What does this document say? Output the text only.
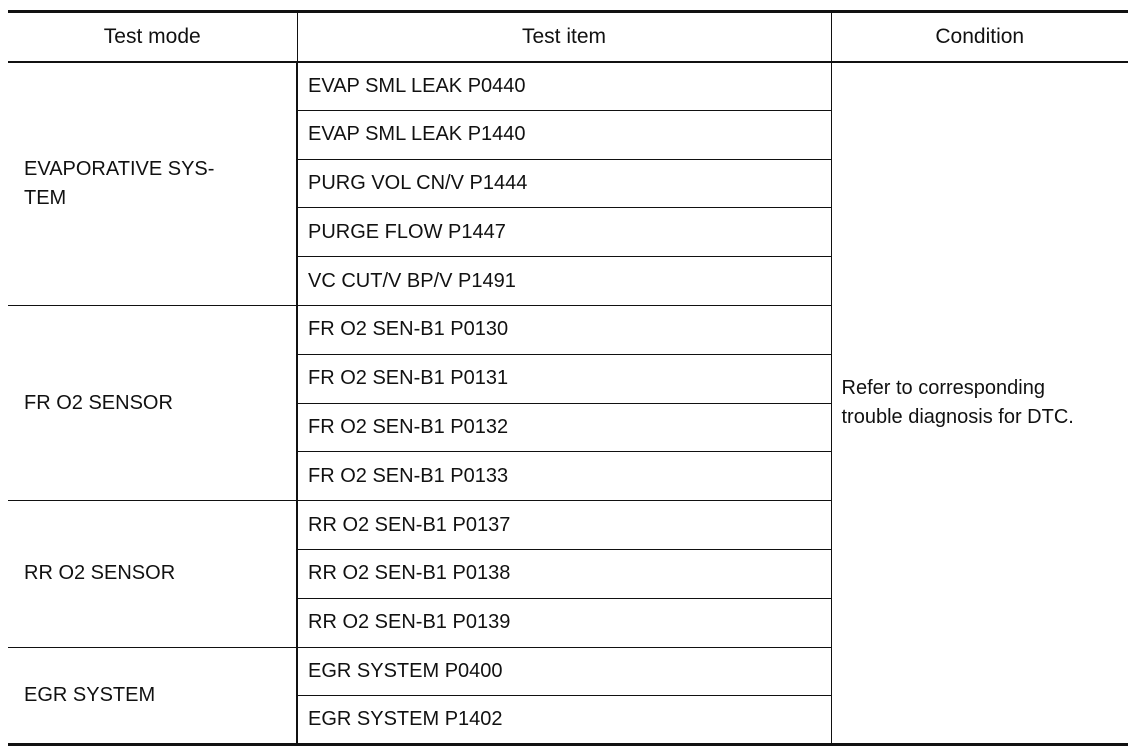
Test mode	Test item	Condition
EVAPORATIVE SYS-
TEM	EVAP SML LEAK P0440	Refer to corresponding
trouble diagnosis for DTC.
	EVAP SML LEAK P1440	
	PURG VOL CN/V P1444	
	PURGE FLOW P1447	
	VC CUT/V BP/V P1491	
FR O2 SENSOR	FR O2 SEN-B1 P0130	
	FR O2 SEN-B1 P0131	
	FR O2 SEN-B1 P0132	
	FR O2 SEN-B1 P0133	
RR O2 SENSOR	RR O2 SEN-B1 P0137	
	RR O2 SEN-B1 P0138	
	RR O2 SEN-B1 P0139	
EGR SYSTEM	EGR SYSTEM P0400	
	EGR SYSTEM P1402	
